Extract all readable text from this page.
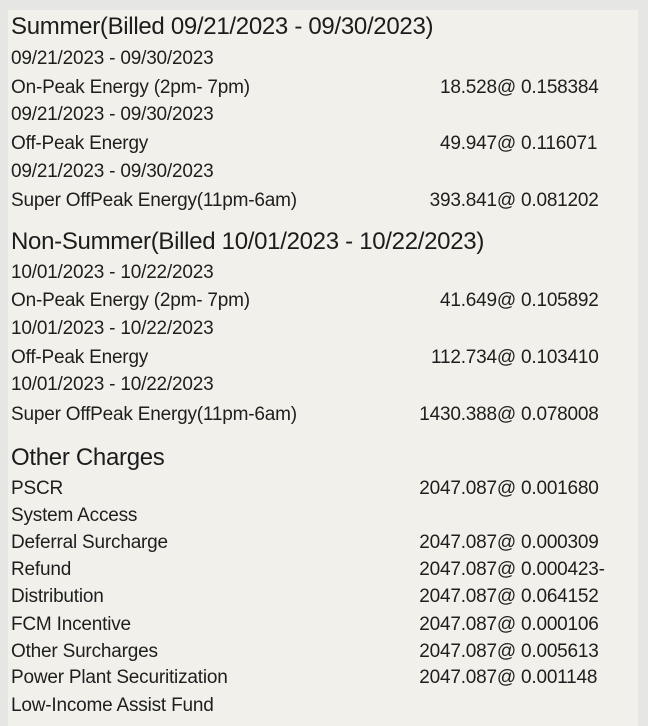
Summer(Billed 09/21/2023 - 09/30/2023)
09/21/2023 - 09/30/2023
On-Peak Energy (2pm- 7pm)	18.528@ 0.158384
09/21/2023 - 09/30/2023
Off-Peak Energy	49.947@ 0.116071
09/21/2023 - 09/30/2023
Super OffPeak Energy(11pm-6am)	393.841@ 0.081202
Non-Summer(Billed 10/01/2023 - 10/22/2023)
10/01/2023 - 10/22/2023
On-Peak Energy (2pm- 7pm)	41.649@ 0.105892
10/01/2023 - 10/22/2023
Off-Peak Energy	112.734@ 0.103410
10/01/2023 - 10/22/2023
Super OffPeak Energy(11pm-6am)	1430.388@ 0.078008
Other Charges
PSCR	2047.087@ 0.001680
System Access
Deferral Surcharge	2047.087@ 0.000309
Refund	2047.087@ 0.000423-
Distribution	2047.087@ 0.064152
FCM Incentive	2047.087@ 0.000106
Other Surcharges	2047.087@ 0.005613
Power Plant Securitization	2047.087@ 0.001148
Low-Income Assist Fund
